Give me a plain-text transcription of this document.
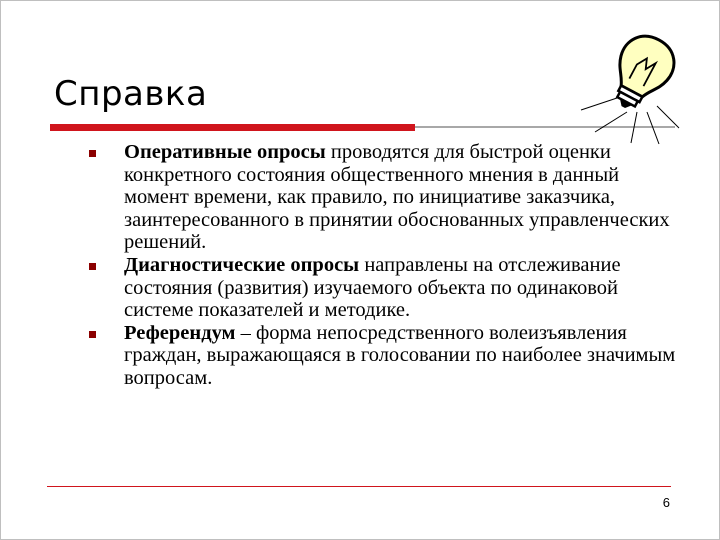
Справка

Оперативные опросы проводятся для быстрой оценки конкретного состояния общественного мнения в данный момент времени, как правило, по инициативе заказчика, заинтересованного в принятии обоснованных управленческих решений.

Диагностические опросы направлены на отслеживание состояния (развития) изучаемого объекта по одинаковой системе показателей и методике.

Референдум – форма непосредственного волеизъявления граждан, выражающаяся в голосовании по наиболее значимым вопросам.

6
